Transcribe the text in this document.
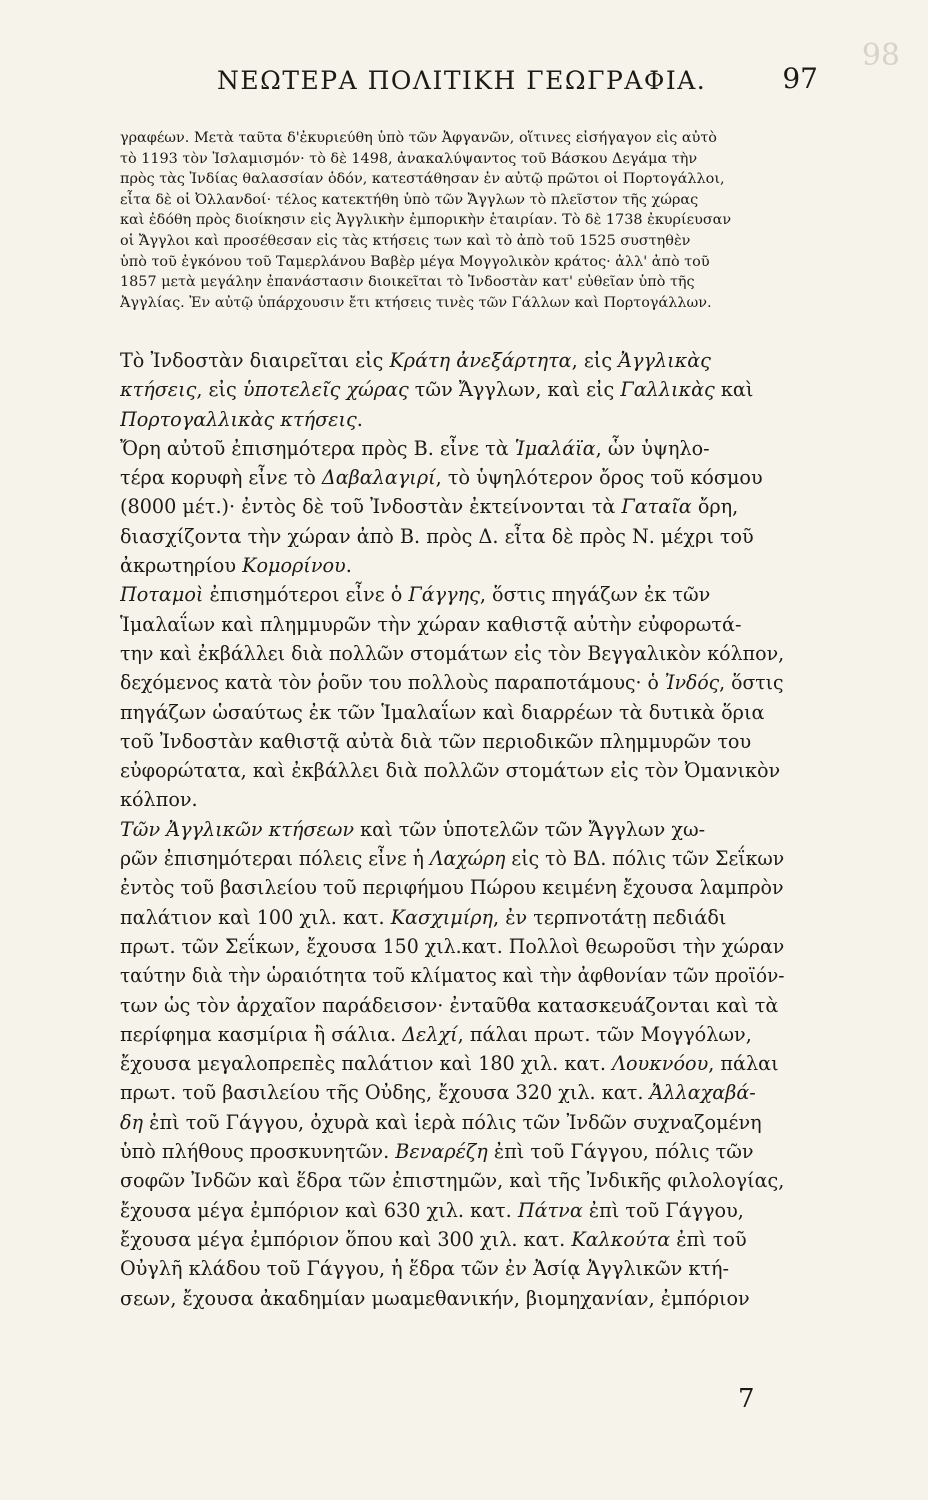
98
ΝΕΩΤΕΡΑ ΠΟΛΙΤΙΚΗ ΓΕΩΓΡΑΦΙΑ.	97
γραφέων. Μετὰ ταῦτα δ'ἐκυριεύθη ὑπὸ τῶν Ἀφγανῶν, οἵτινες εἰσήγαγον εἰς αὐτὸ
τὸ 1193 τὸν Ἰσλαμισμόν· τὸ δὲ 1498, ἀνακαλύψαντος τοῦ Βάσκου Δεγάμα τὴν
πρὸς τὰς Ἰνδίας θαλασσίαν ὁδόν, κατεστάθησαν ἐν αὐτῷ πρῶτοι οἱ Πορτογάλλοι,
εἶτα δὲ οἱ Ὀλλανδοί· τέλος κατεκτήθη ὑπὸ τῶν Ἄγγλων τὸ πλεῖστον τῆς χώρας
καὶ ἐδόθη πρὸς διοίκησιν εἰς Ἀγγλικὴν ἐμπορικὴν ἑταιρίαν. Τὸ δὲ 1738 ἐκυρίευσαν
οἱ Ἄγγλοι καὶ προσέθεσαν εἰς τὰς κτήσεις των καὶ τὸ ἀπὸ τοῦ 1525 συστηθὲν
ὑπὸ τοῦ ἐγκόνου τοῦ Ταμερλάνου Βαβὲρ μέγα Μογγολικὸν κράτος· ἀλλ' ἀπὸ τοῦ
1857 μετὰ μεγάλην ἐπανάστασιν διοικεῖται τὸ Ἰνδοστὰν κατ' εὐθεῖαν ὑπὸ τῆς
Ἀγγλίας. Ἐν αὐτῷ ὑπάρχουσιν ἔτι κτήσεις τινὲς τῶν Γάλλων καὶ Πορτογάλλων.
Τὸ Ἰνδοστὰν διαιρεῖται εἰς Κράτη ἀνεξάρτητα, εἰς Ἀγγλικὰς
κτήσεις, εἰς ὑποτελεῖς χώρας τῶν Ἄγγλων, καὶ εἰς Γαλλικὰς καὶ
Πορτογαλλικὰς κτήσεις.
Ὄρη αὐτοῦ ἐπισημότερα πρὸς Β. εἶνε τὰ Ἱμαλάϊα, ὧν ὑψηλο-
τέρα κορυφὴ εἶνε τὸ Δαβαλαγιρί, τὸ ὑψηλότερον ὄρος τοῦ κόσμου
(8000 μέτ.)· ἐντὸς δὲ τοῦ Ἰνδοστὰν ἐκτείνονται τὰ Γαταῖα ὄρη,
διασχίζοντα τὴν χώραν ἀπὸ Β. πρὸς Δ. εἶτα δὲ πρὸς Ν. μέχρι τοῦ
ἀκρωτηρίου Κομορίνου.
Ποταμοὶ ἐπισημότεροι εἶνε ὁ Γάγγης, ὅστις πηγάζων ἐκ τῶν
Ἱμαλαΐων καὶ πλημμυρῶν τὴν χώραν καθιστᾷ αὐτὴν εὐφορωτά-
την καὶ ἐκβάλλει διὰ πολλῶν στομάτων εἰς τὸν Βεγγαλικὸν κόλπον,
δεχόμενος κατὰ τὸν ῥοῦν του πολλοὺς παραποτάμους· ὁ Ἰνδός, ὅστις
πηγάζων ὡσαύτως ἐκ τῶν Ἱμαλαΐων καὶ διαρρέων τὰ δυτικὰ ὅρια
τοῦ Ἰνδοστὰν καθιστᾷ αὐτὰ διὰ τῶν περιοδικῶν πλημμυρῶν του
εὐφορώτατα, καὶ ἐκβάλλει διὰ πολλῶν στομάτων εἰς τὸν Ὀμανικὸν
κόλπον.
Τῶν Ἀγγλικῶν κτήσεων καὶ τῶν ὑποτελῶν τῶν Ἄγγλων χω-
ρῶν ἐπισημότεραι πόλεις εἶνε ἡ Λαχώρη εἰς τὸ ΒΔ. πόλις τῶν Σεΐκων
ἐντὸς τοῦ βασιλείου τοῦ περιφήμου Πώρου κειμένη ἔχουσα λαμπρὸν
παλάτιον καὶ 100 χιλ. κατ. Κασχιμίρη, ἐν τερπνοτάτῃ πεδιάδι
πρωτ. τῶν Σεΐκων, ἔχουσα 150 χιλ.κατ. Πολλοὶ θεωροῦσι τὴν χώραν
ταύτην διὰ τὴν ὡραιότητα τοῦ κλίματος καὶ τὴν ἀφθονίαν τῶν προϊόν-
των ὡς τὸν ἀρχαῖον παράδεισον· ἐνταῦθα κατασκευάζονται καὶ τὰ
περίφημα κασμίρια ἢ σάλια. Δελχί, πάλαι πρωτ. τῶν Μογγόλων,
ἔχουσα μεγαλοπρεπὲς παλάτιον καὶ 180 χιλ. κατ. Λουκνόου, πάλαι
πρωτ. τοῦ βασιλείου τῆς Οὐδης, ἔχουσα 320 χιλ. κατ. Ἀλλαχαβά-
δη ἐπὶ τοῦ Γάγγου, ὀχυρὰ καὶ ἱερὰ πόλις τῶν Ἰνδῶν συχναζομένη
ὑπὸ πλήθους προσκυνητῶν. Βεναρέζη ἐπὶ τοῦ Γάγγου, πόλις τῶν
σοφῶν Ἰνδῶν καὶ ἕδρα τῶν ἐπιστημῶν, καὶ τῆς Ἰνδικῆς φιλολογίας,
ἔχουσα μέγα ἐμπόριον καὶ 630 χιλ. κατ. Πάτνα ἐπὶ τοῦ Γάγγου,
ἔχουσα μέγα ἐμπόριον ὅπου καὶ 300 χιλ. κατ. Καλκούτα ἐπὶ τοῦ
Οὐγλῆ κλάδου τοῦ Γάγγου, ἡ ἕδρα τῶν ἐν Ἀσίᾳ Ἀγγλικῶν κτή-
σεων, ἔχουσα ἀκαδημίαν μωαμεθανικήν, βιομηχανίαν, ἐμπόριον
7
